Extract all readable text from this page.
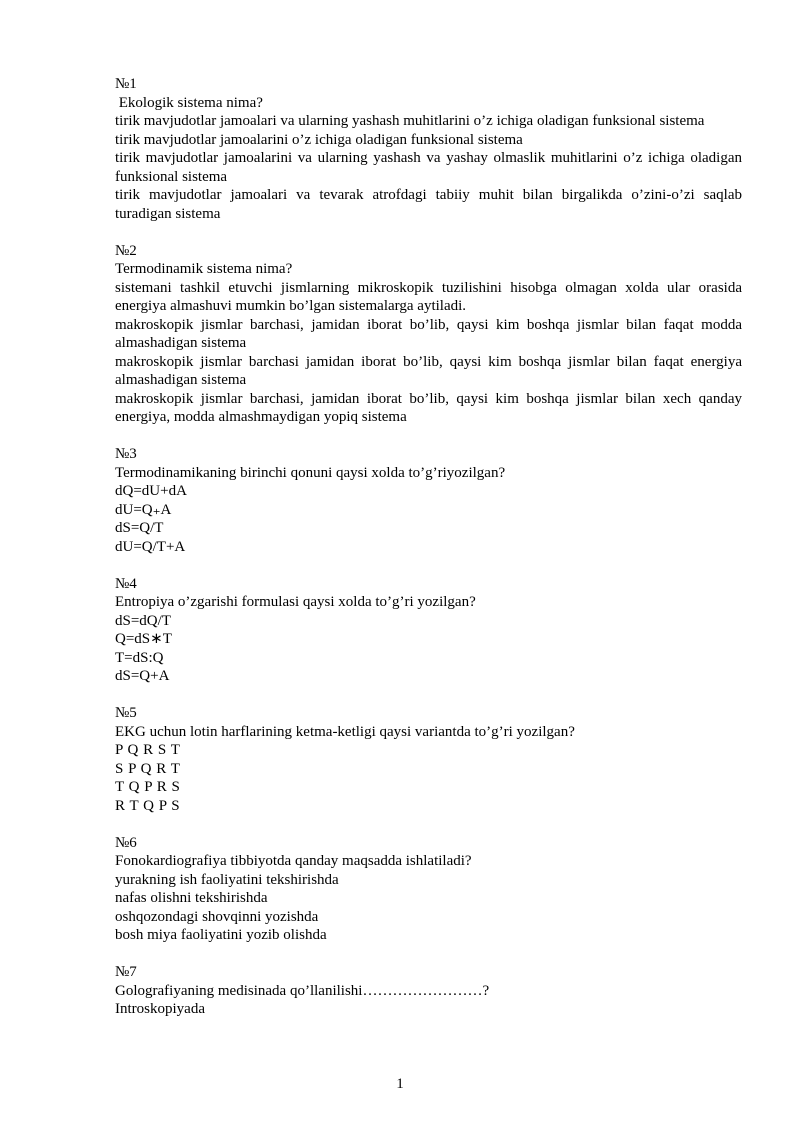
№1

Ekologik sistema nima?

tirik mavjudotlar jamoalari va ularning yashash muhitlarini o’z ichiga oladigan funksional sistema

tirik mavjudotlar jamoalarini o’z ichiga oladigan funksional sistema

tirik mavjudotlar jamoalarini va ularning yashash va yashay olmaslik muhitlarini o’z ichiga oladigan funksional sistema

tirik mavjudotlar jamoalari va tevarak atrofdagi tabiiy muhit bilan birgalikda o’zini-o’zi saqlab turadigan sistema

№2

Termodinamik sistema nima?

sistemani tashkil etuvchi jismlarning mikroskopik tuzilishini hisobga olmagan xolda ular orasida energiya almashuvi mumkin bo’lgan sistemalarga aytiladi.

makroskopik jismlar barchasi, jamidan iborat bo’lib, qaysi kim boshqa jismlar bilan faqat modda almashadigan sistema

makroskopik jismlar barchasi jamidan iborat bo’lib, qaysi kim boshqa jismlar bilan faqat energiya almashadigan sistema

makroskopik jismlar barchasi, jamidan iborat bo’lib, qaysi kim boshqa jismlar bilan xech qanday energiya, modda almashmaydigan yopiq sistema

№3

Termodinamikaning birinchi qonuni qaysi xolda to’g’riyozilgan?

dQ=dU+dA

dU=Q₊A

dS=Q/T

dU=Q/T+A

№4

Entropiya o’zgarishi formulasi qaysi xolda to’g’ri yozilgan?

dS=dQ/T

Q=dS∗T

T=dS:Q

dS=Q+A

№5

EKG uchun lotin harflarining ketma-ketligi qaysi variantda to’g’ri yozilgan?

P Q R S T

S P Q R T

T Q P R S

R T Q P S

№6

Fonokardiografiya tibbiyotda qanday maqsadda ishlatiladi?

yurakning ish faoliyatini tekshirishda

nafas olishni tekshirishda

oshqozondagi shovqinni yozishda

bosh miya faoliyatini yozib olishda

№7

Golografiyaning medisinada qo’llanilishi……………………?

Introskopiyada

1
